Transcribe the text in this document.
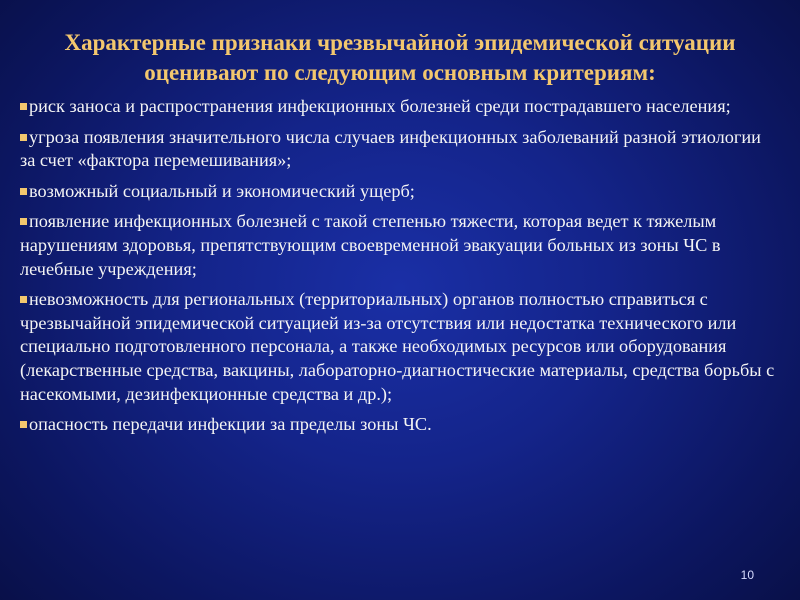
Характерные признаки чрезвычайной эпидемической ситуации оценивают по следующим основным критериям:
риск заноса и распространения инфекционных болезней среди пострадавшего населения;
угроза появления значительного числа случаев инфекционных заболеваний разной этиологии за счет «фактора перемешивания»;
возможный социальный и экономический ущерб;
появление инфекционных болезней с такой степенью тяжести, которая ведет к тяжелым нарушениям здоровья, препятствующим своевременной эвакуации больных из зоны ЧС в лечебные учреждения;
невозможность для региональных (территориальных) органов полностью справиться с чрезвычайной эпидемической ситуацией из-за отсутствия или недостатка технического или специально подготовленного персонала, а также необходимых ресурсов или оборудования (лекарственные средства, вакцины, лабораторно-диагностические материалы, средства борьбы с насекомыми, дезинфекционные средства и др.);
опасность передачи инфекции за пределы зоны ЧС.
10
